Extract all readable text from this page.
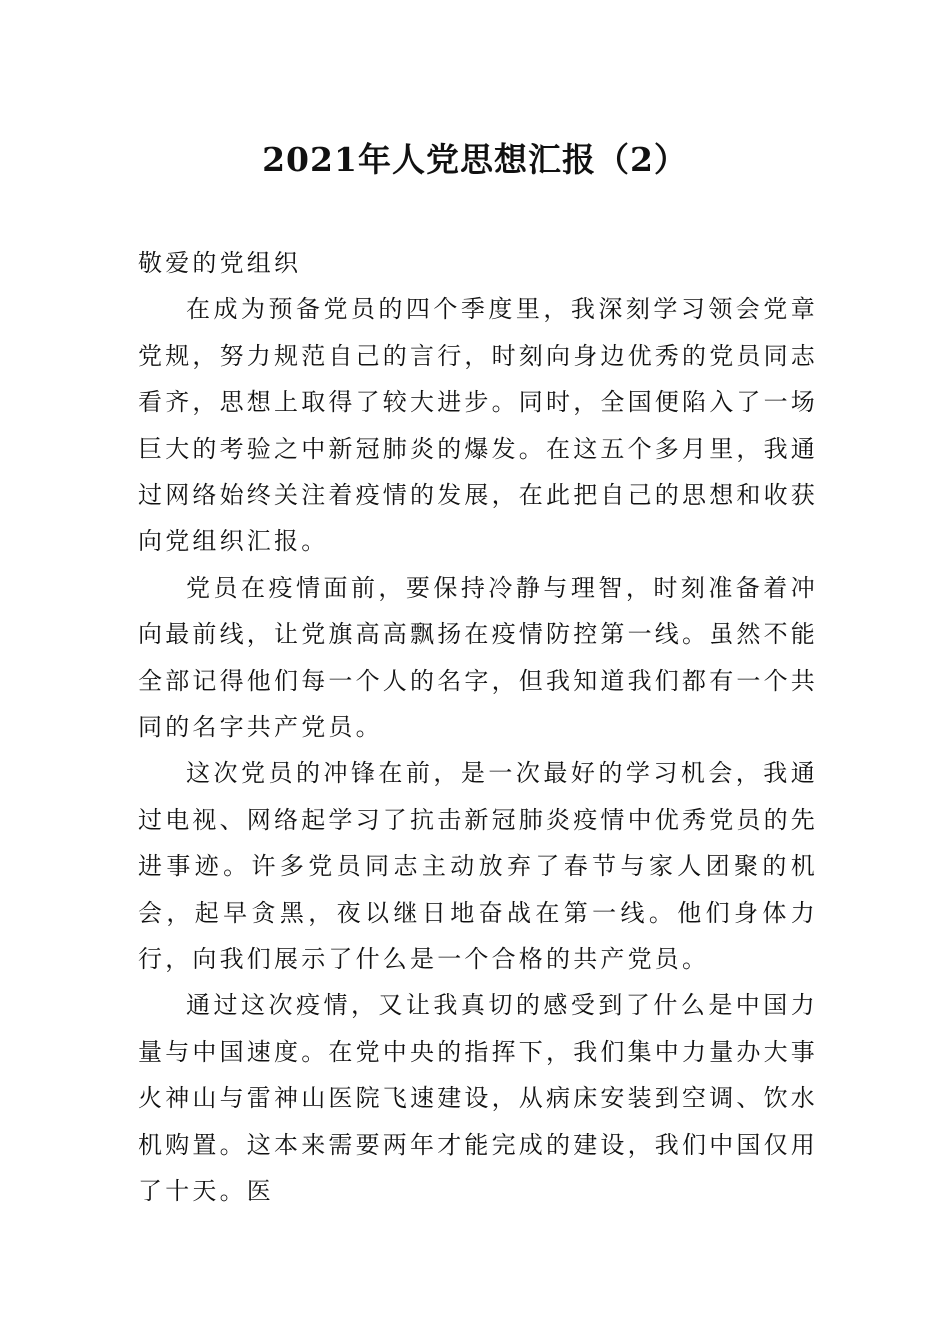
2021年人党思想汇报（2）

敬爱的党组织

在成为预备党员的四个季度里，我深刻学习领会党章党规，努力规范自己的言行，时刻向身边优秀的党员同志看齐，思想上取得了较大进步。同时，全国便陷入了一场巨大的考验之中新冠肺炎的爆发。在这五个多月里，我通过网络始终关注着疫情的发展，在此把自己的思想和收获向党组织汇报。

党员在疫情面前，要保持冷静与理智，时刻准备着冲向最前线，让党旗高高飘扬在疫情防控第一线。虽然不能全部记得他们每一个人的名字，但我知道我们都有一个共同的名字共产党员。

这次党员的冲锋在前，是一次最好的学习机会，我通过电视、网络起学习了抗击新冠肺炎疫情中优秀党员的先进事迹。许多党员同志主动放弃了春节与家人团聚的机会，起早贪黑，夜以继日地奋战在第一线。他们身体力行，向我们展示了什么是一个合格的共产党员。

通过这次疫情，又让我真切的感受到了什么是中国力量与中国速度。在党中央的指挥下，我们集中力量办大事火神山与雷神山医院飞速建设，从病床安装到空调、饮水机购置。这本来需要两年才能完成的建设，我们中国仅用了十天。医
